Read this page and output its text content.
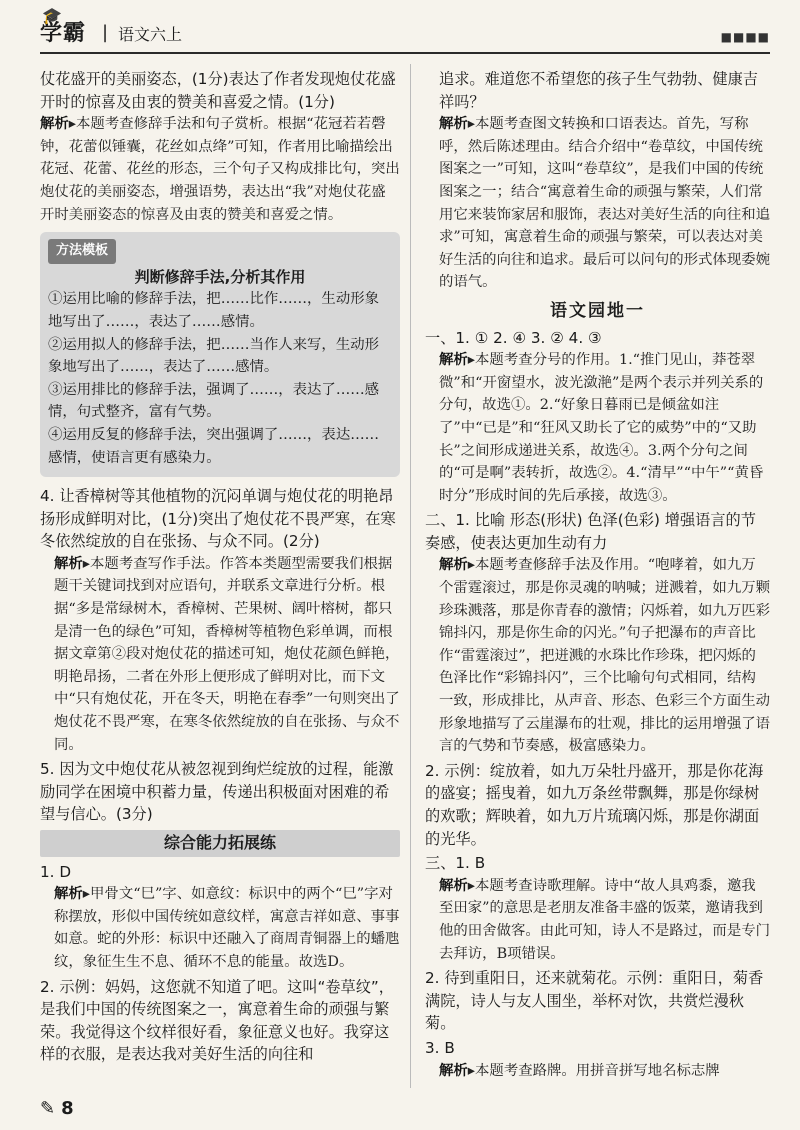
🎓
学霸 | 语文六上	■■■■

仗花盛开的美丽姿态，(1分)表达了作者发现炮仗花盛开时的惊喜及由衷的赞美和喜爱之情。(1分)

解析▸本题考查修辞手法和句子赏析。根据“花冠若若磬钟，花蕾似锤囊，花丝如点绛”可知，作者用比喻描绘出花冠、花蕾、花丝的形态，三个句子又构成排比句，突出炮仗花的美丽姿态，增强语势，表达出“我”对炮仗花盛开时美丽姿态的惊喜及由衷的赞美和喜爱之情。

方法模板
判断修辞手法,分析其作用

①运用比喻的修辞手法，把……比作……，生动形象地写出了……，表达了……感情。

②运用拟人的修辞手法，把……当作人来写，生动形象地写出了……，表达了……感情。

③运用排比的修辞手法，强调了……，表达了……感情，句式整齐，富有气势。

④运用反复的修辞手法，突出强调了……，表达……感情，使语言更有感染力。

4. 让香樟树等其他植物的沉闷单调与炮仗花的明艳昂扬形成鲜明对比，(1分)突出了炮仗花不畏严寒，在寒冬依然绽放的自在张扬、与众不同。(2分)

解析▸本题考查写作手法。作答本类题型需要我们根据题干关键词找到对应语句，并联系文章进行分析。根据“多是常绿树木，香樟树、芒果树、阔叶榕树，都只是清一色的绿色”可知，香樟树等植物色彩单调，而根据文章第②段对炮仗花的描述可知，炮仗花颜色鲜艳，明艳昂扬，二者在外形上便形成了鲜明对比，而下文中“只有炮仗花，开在冬天，明艳在春季”一句则突出了炮仗花不畏严寒，在寒冬依然绽放的自在张扬、与众不同。

5. 因为文中炮仗花从被忽视到绚烂绽放的过程，能激励同学在困境中积蓄力量，传递出积极面对困难的希望与信心。(3分)

综合能力拓展练

1. D

解析▸甲骨文“巳”字、如意纹：标识中的两个“巳”字对称摆放，形似中国传统如意纹样，寓意吉祥如意、事事如意。蛇的外形：标识中还融入了商周青铜器上的蟠虺纹，象征生生不息、循环不息的能量。故选D。

2. 示例：妈妈，这您就不知道了吧。这叫“卷草纹”，是我们中国的传统图案之一，寓意着生命的顽强与繁荣。我觉得这个纹样很好看，象征意义也好。我穿这样的衣服，是表达我对美好生活的向往和

追求。难道您不希望您的孩子生气勃勃、健康吉祥吗？

解析▸本题考查图文转换和口语表达。首先，写称呼，然后陈述理由。结合介绍中“卷草纹，中国传统图案之一”可知，这叫“卷草纹”，是我们中国的传统图案之一；结合“寓意着生命的顽强与繁荣，人们常用它来装饰家居和服饰，表达对美好生活的向往和追求”可知，寓意着生命的顽强与繁荣，可以表达对美好生活的向往和追求。最后可以问句的形式体现委婉的语气。

语文园地一

一、1. ① 2. ④ 3. ② 4. ③

解析▸本题考查分号的作用。1.“推门见山，莽苍翠微”和“开窗望水，波光潋滟”是两个表示并列关系的分句，故选①。2.“好象日暮雨已是倾盆如注了”中“已是”和“狂风又助长了它的威势”中的“又助长”之间形成递进关系，故选④。3.两个分句之间的“可是啊”表转折，故选②。4.“清早”“中午”“黄昏时分”形成时间的先后承接，故选③。

二、1. 比喻 形态(形状) 色泽(色彩) 增强语言的节奏感，使表达更加生动有力

解析▸本题考查修辞手法及作用。“咆哮着，如九万个雷霆滚过，那是你灵魂的呐喊；迸溅着，如九万颗珍珠溅落，那是你青春的激情；闪烁着，如九万匹彩锦抖闪，那是你生命的闪光。”句子把瀑布的声音比作“雷霆滚过”，把迸溅的水珠比作珍珠，把闪烁的色泽比作“彩锦抖闪”，三个比喻句句式相同，结构一致，形成排比，从声音、形态、色彩三个方面生动形象地描写了云崖瀑布的壮观，排比的运用增强了语言的气势和节奏感，极富感染力。

2. 示例：绽放着，如九万朵牡丹盛开，那是你花海的盛宴；摇曳着，如九万条丝带飘舞，那是你绿树的欢歌；辉映着，如九万片琉璃闪烁，那是你湖面的光华。

三、1. B

解析▸本题考查诗歌理解。诗中“故人具鸡黍，邀我至田家”的意思是老朋友准备丰盛的饭菜，邀请我到他的田舍做客。由此可知，诗人不是路过，而是专门去拜访，B项错误。

2. 待到重阳日，还来就菊花。示例：重阳日，菊香满院，诗人与友人围坐，举杯对饮，共赏烂漫秋菊。

3. B

解析▸本题考查路牌。用拼音拼写地名标志牌

✎ 8
